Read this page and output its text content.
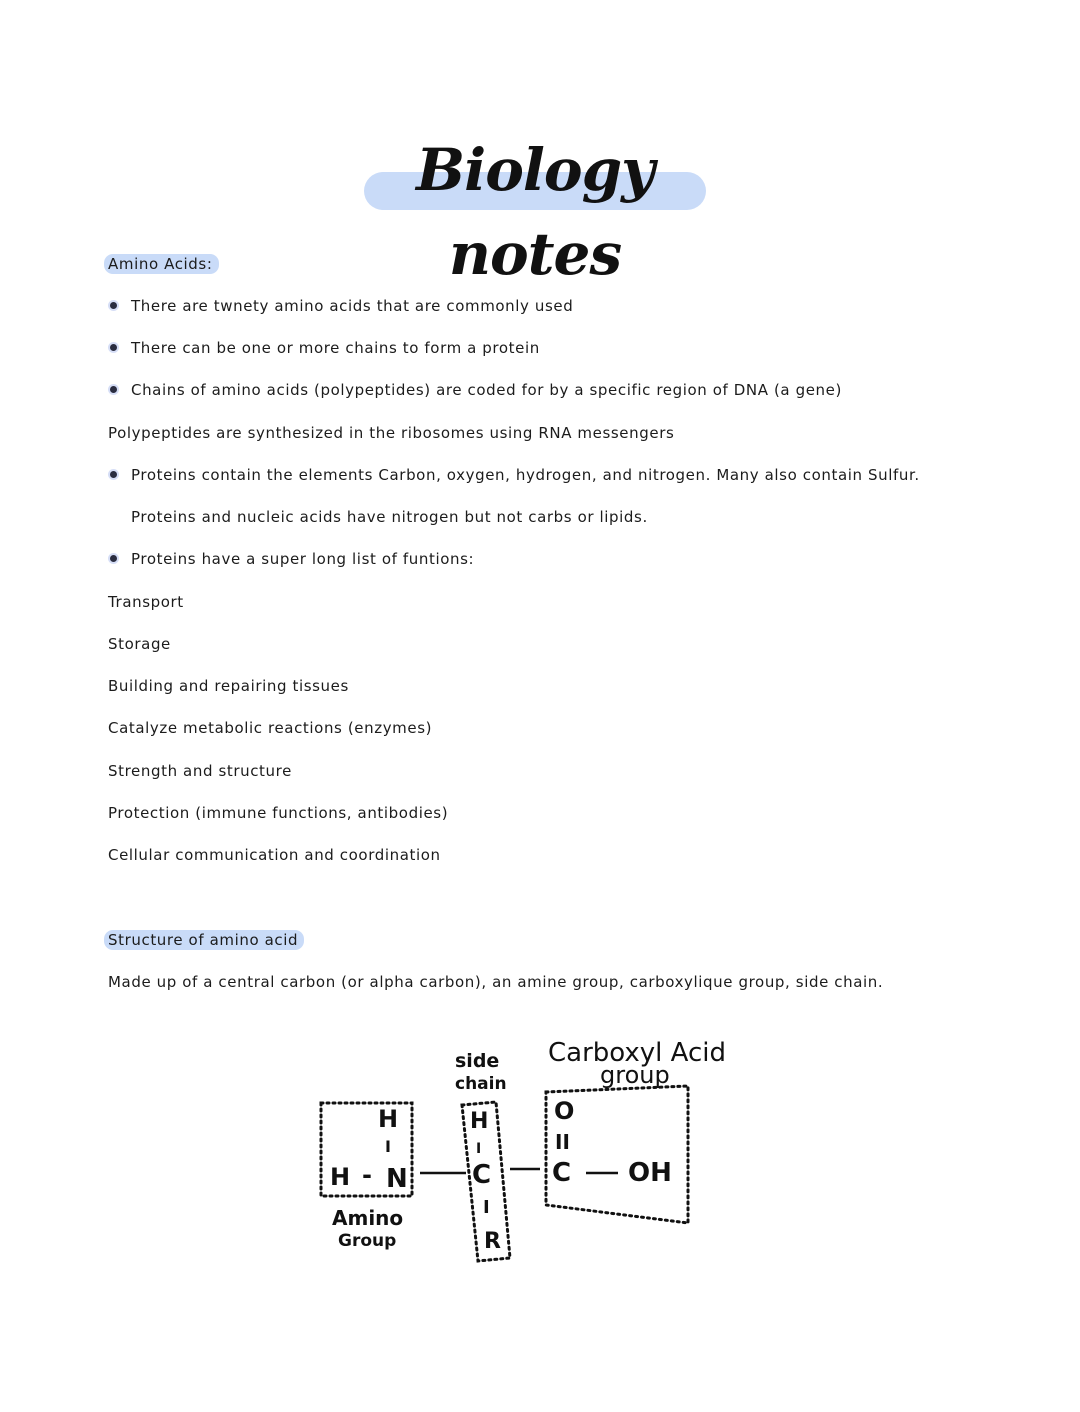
Biology notes
Amino Acids:
There are twnety amino acids that are commonly used
There can be one or more chains to form a protein
Chains of amino acids (polypeptides) are coded for by a specific region of DNA (a gene)
Polypeptides are synthesized in the ribosomes using RNA messengers
Proteins contain the elements Carbon, oxygen, hydrogen, and nitrogen. Many also contain Sulfur.
Proteins and nucleic acids have nitrogen but not carbs or lipids.
Proteins have a super long list of funtions:
Transport
Storage
Building and repairing tissues
Catalyze metabolic reactions (enzymes)
Strength and structure
Protection (immune functions, antibodies)
Cellular communication and coordination
Structure of amino acid
Made up of a central carbon (or alpha carbon), an amine group, carboxylique group, side chain.
H
I
H - N
H
I
C
I
R
O
II
C OH
side
chain
Carboxyl Acid
group
Amino
Group
